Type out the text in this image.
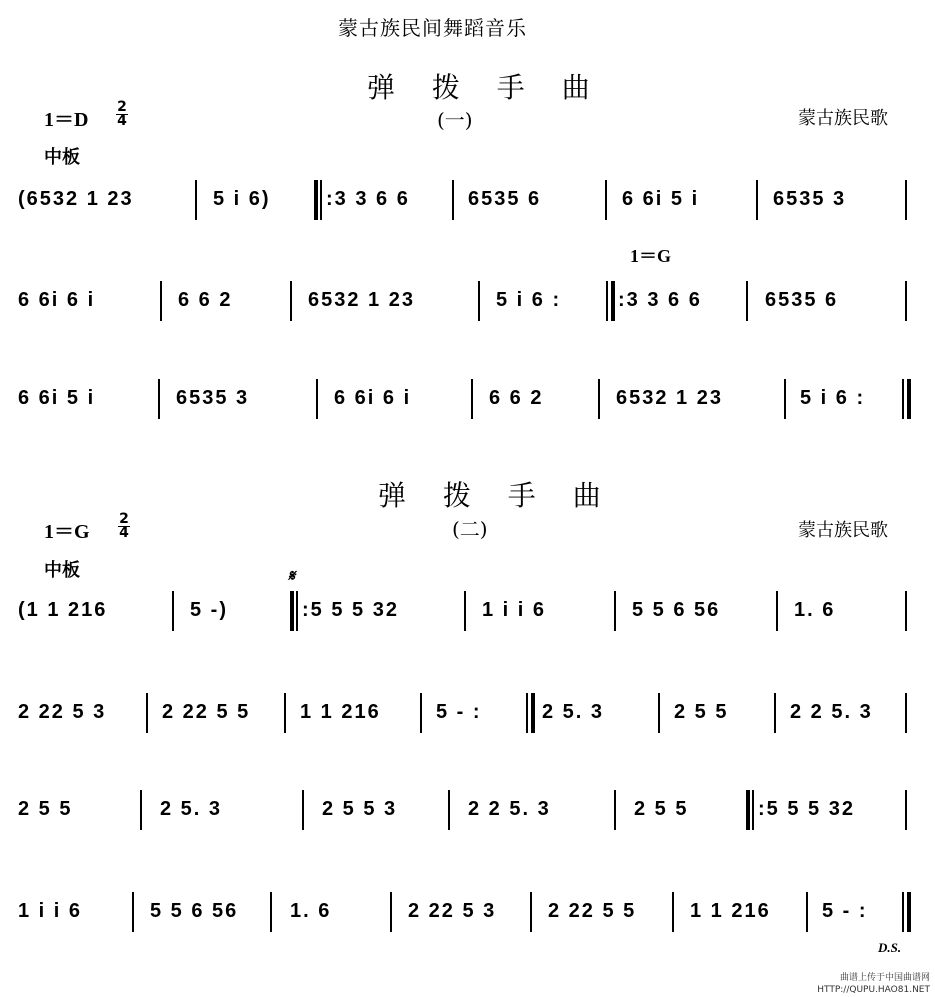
蒙古族民间舞蹈音乐
弹 拨 手 曲
(一)
1＝D
2
4
中板
蒙古族民歌
(6532 1 23	5 i 6)	:3 3 6 6	6535 6	6 6i 5 i	6535 3
1＝G
6 6i 6 i	6 6 2	6532 1 23	5 i 6 :	:3 3 6 6	6535 6
6 6i 5 i	6535 3	6 6i 6 i	6 6 2	6532 1 23	5 i 6 :
弹 拨 手 曲
(二)
1＝G
2
4
中板
蒙古族民歌
𝄋
(1 1 216	5 -)	:5 5 5 32	1 i i 6	5 5 6 56	1. 6
2 22 5 3	2 22 5 5 1 1 216	5 - :	2 5. 3	2 5 5	2 2 5. 3
2 5 5	2 5. 3	2 5 5 3	2 2 5. 3	2 5 5	:5 5 5 32
1 i i 6	5 5 6 56	1. 6	2 22 5 3	2 22 5 5	1 1 216	5 - :
D.S.
曲谱上传于中国曲谱网
HTTP://QUPU.HAO81.NET
